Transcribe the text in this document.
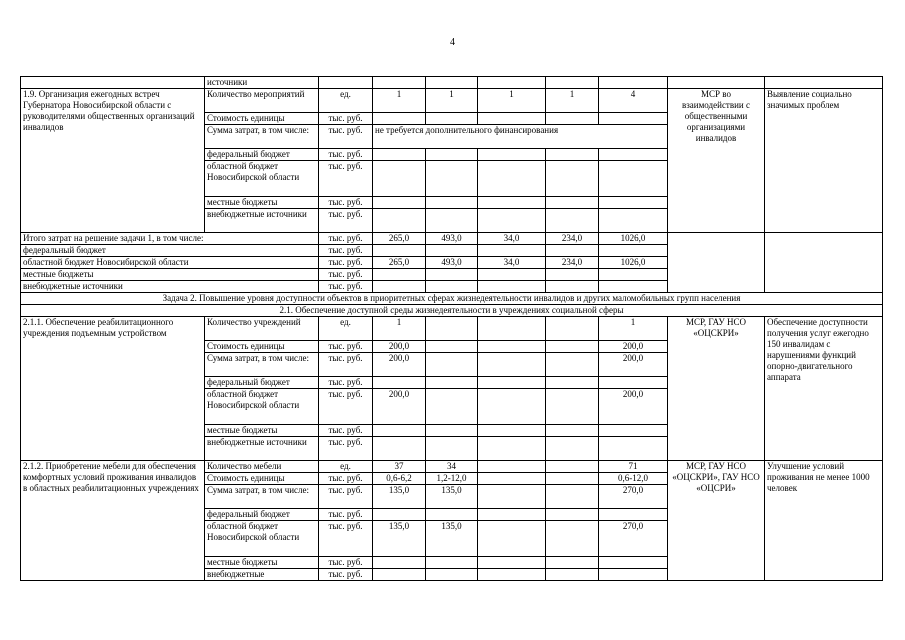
4
	источники								
1.9. Организация ежегодных встреч Губернатора Новосибирской области с руководителями общественных организаций инвалидов	Количество мероприятий	ед.	1	1	1	1	4	МСР во взаимодействии с общественными организациями инвалидов	Выявление социально значимых проблем
	Стоимость единицы	тыс. руб.							
	Сумма затрат, в том числе:	тыс. руб.	не требуется дополнительного финансирования						
	федеральный бюджет	тыс. руб.							
	областной бюджет Новосибирской области	тыс. руб.							
	местные бюджеты	тыс. руб.							
	внебюджетные источники	тыс. руб.							
Итого затрат на решение задачи 1, в том числе:		тыс. руб.	265,0	493,0	34,0	234,0	1026,0		
федеральный бюджет		тыс. руб.							
областной бюджет Новосибирской области		тыс. руб.	265,0	493,0	34,0	234,0	1026,0		
местные бюджеты		тыс. руб.							
внебюджетные источники		тыс. руб.							
Задача 2. Повышение уровня доступности объектов в приоритетных сферах жизнедеятельности инвалидов и других маломобильных групп населения									
2.1. Обеспечение доступной среды жизнедеятельности в учреждениях социальной сферы									
2.1.1. Обеспечение реабилитационного учреждения подъемным устройством	Количество учреждений	ед.	1				1	МСР, ГАУ НСО «ОЦСКРИ»	Обеспечение доступности получения услуг ежегодно 150 инвалидам с нарушениями функций опорно-двигательного аппарата
	Стоимость единицы	тыс. руб.	200,0				200,0		
	Сумма затрат, в том числе:	тыс. руб.	200,0				200,0		
	федеральный бюджет	тыс. руб.							
	областной бюджет Новосибирской области	тыс. руб.	200,0				200,0		
	местные бюджеты	тыс. руб.							
	внебюджетные источники	тыс. руб.							
2.1.2. Приобретение мебели для обеспечения комфортных условий проживания инвалидов в областных реабилитационных учреждениях	Количество мебели	ед.	37	34			71	МСР, ГАУ НСО «ОЦСКРИ», ГАУ НСО «ОЦСРИ»	Улучшение условий проживания не менее 1000 человек
	Стоимость единицы	тыс. руб.	0,6-6,2	1,2-12,0			0,6-12,0		
	Сумма затрат, в том числе:	тыс. руб.	135,0	135,0			270,0		
	федеральный бюджет	тыс. руб.							
	областной бюджет Новосибирской области	тыс. руб.	135,0	135,0			270,0		
	местные бюджеты	тыс. руб.							
	внебюджетные	тыс. руб.							
